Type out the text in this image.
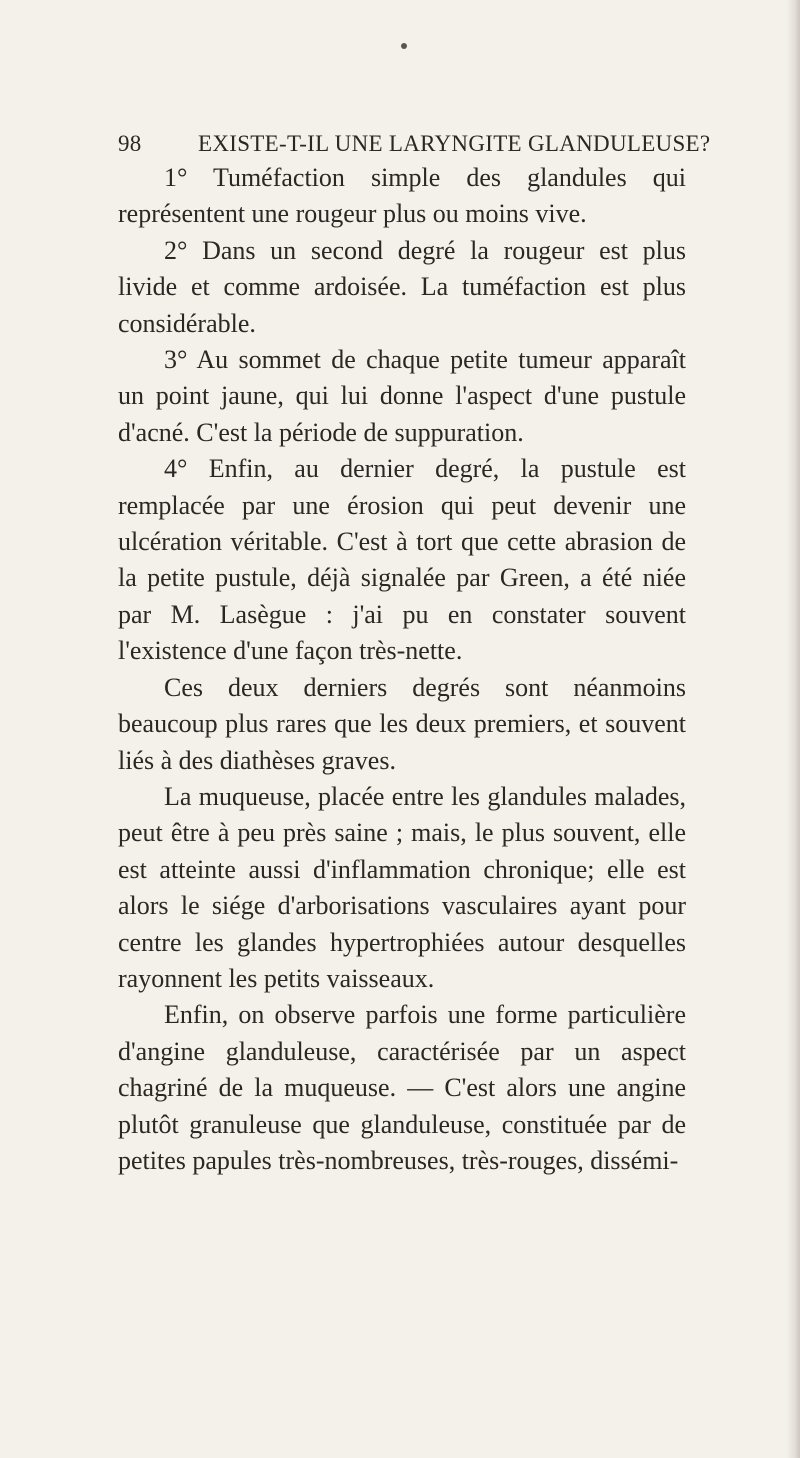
98 EXISTE-T-IL UNE LARYNGITE GLANDULEUSE?

1° Tuméfaction simple des glandules qui représentent une rougeur plus ou moins vive.

2° Dans un second degré la rougeur est plus livide et comme ardoisée. La tuméfaction est plus considérable.

3° Au sommet de chaque petite tumeur apparaît un point jaune, qui lui donne l'aspect d'une pustule d'acné. C'est la période de suppuration.

4° Enfin, au dernier degré, la pustule est remplacée par une érosion qui peut devenir une ulcération véritable. C'est à tort que cette abrasion de la petite pustule, déjà signalée par Green, a été niée par M. Lasègue : j'ai pu en constater souvent l'existence d'une façon très-nette.

Ces deux derniers degrés sont néanmoins beaucoup plus rares que les deux premiers, et souvent liés à des diathèses graves.

La muqueuse, placée entre les glandules malades, peut être à peu près saine ; mais, le plus souvent, elle est atteinte aussi d'inflammation chronique; elle est alors le siége d'arborisations vasculaires ayant pour centre les glandes hypertrophiées autour desquelles rayonnent les petits vaisseaux.

Enfin, on observe parfois une forme particulière d'angine glanduleuse, caractérisée par un aspect chagriné de la muqueuse. — C'est alors une angine plutôt granuleuse que glanduleuse, constituée par de petites papules très-nombreuses, très-rouges, dissémi-
